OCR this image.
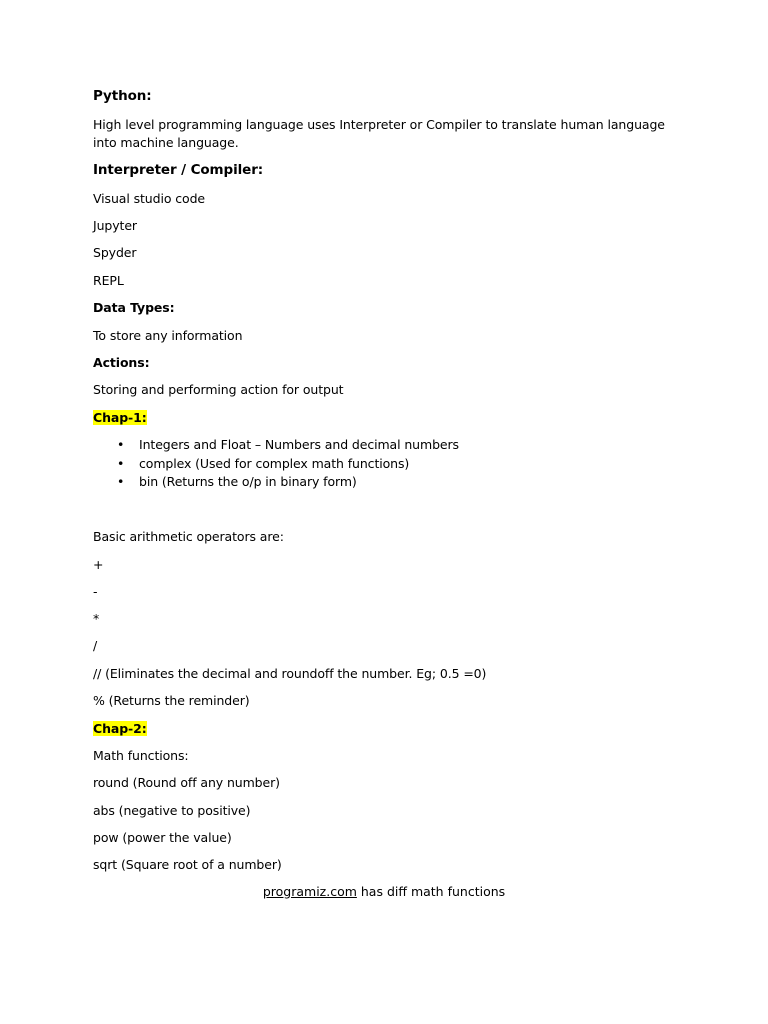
Python:
High level programming language uses Interpreter or Compiler to translate human language into machine language.
Interpreter / Compiler:
Visual studio code
Jupyter
Spyder
REPL
Data Types:
To store any information
Actions:
Storing and performing action for output
Chap-1:
• Integers and Float – Numbers and decimal numbers
• complex (Used for complex math functions)
• bin (Returns the o/p in binary form)
Basic arithmetic operators are:
+
-
*
/
// (Eliminates the decimal and roundoff the number. Eg; 0.5 =0)
% (Returns the reminder)
Chap-2:
Math functions:
round (Round off any number)
abs (negative to positive)
pow (power the value)
sqrt (Square root of a number)
programiz.com has diff math functions
